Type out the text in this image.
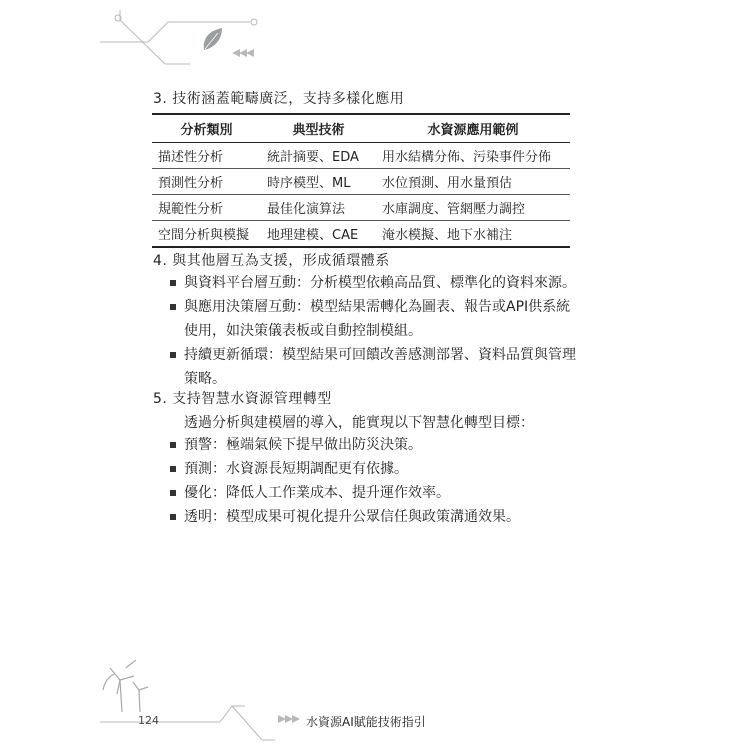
3. 技術涵蓋範疇廣泛，支持多樣化應用
分析類別	典型技術	水資源應用範例
描述性分析	統計摘要、EDA	用水結構分佈、污染事件分佈
預測性分析	時序模型、ML	水位預測、用水量預估
規範性分析	最佳化演算法	水庫調度、管網壓力調控
空間分析與模擬	地理建模、CAE	淹水模擬、地下水補注
4. 與其他層互為支援，形成循環體系
與資料平台層互動：分析模型依賴高品質、標準化的資料來源。
與應用決策層互動：模型結果需轉化為圖表、報告或API供系統
使用，如決策儀表板或自動控制模組。
持續更新循環：模型結果可回饋改善感測部署、資料品質與管理
策略。
5. 支持智慧水資源管理轉型
透過分析與建模層的導入，能實現以下智慧化轉型目標：
預警：極端氣候下提早做出防災決策。
預測：水資源長短期調配更有依據。
優化：降低人工作業成本、提升運作效率。
透明：模型成果可視化提升公眾信任與政策溝通效果。
124	水資源AI賦能技術指引
